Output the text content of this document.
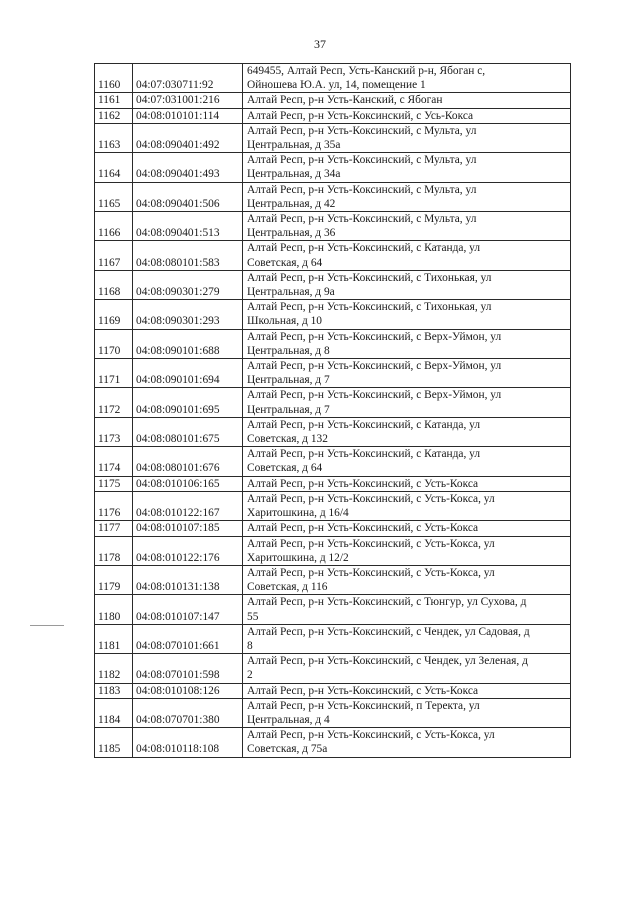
37
1160	04:07:030711:92	649455, Алтай Респ, Усть-Канский р-н, Ябоган с,
Ойношева Ю.А. ул, 14, помещение 1

1161	04:07:031001:216	Алтай Респ, р-н Усть-Канский, с Ябоган

1162	04:08:010101:114	Алтай Респ, р-н Усть-Коксинский, с Усь-Кокса

1163	04:08:090401:492	Алтай Респ, р-н Усть-Коксинский, с Мульта, ул
Центральная, д 35а

1164	04:08:090401:493	Алтай Респ, р-н Усть-Коксинский, с Мульта, ул
Центральная, д 34а

1165	04:08:090401:506	Алтай Респ, р-н Усть-Коксинский, с Мульта, ул
Центральная, д 42

1166	04:08:090401:513	Алтай Респ, р-н Усть-Коксинский, с Мульта, ул
Центральная, д 36

1167	04:08:080101:583	Алтай Респ, р-н Усть-Коксинский, с Катанда, ул
Советская, д 64

1168	04:08:090301:279	Алтай Респ, р-н Усть-Коксинский, с Тихонькая, ул
Центральная, д 9а

1169	04:08:090301:293	Алтай Респ, р-н Усть-Коксинский, с Тихонькая, ул
Школьная, д 10

1170	04:08:090101:688	Алтай Респ, р-н Усть-Коксинский, с Верх-Уймон, ул
Центральная, д 8

1171	04:08:090101:694	Алтай Респ, р-н Усть-Коксинский, с Верх-Уймон, ул
Центральная, д 7

1172	04:08:090101:695	Алтай Респ, р-н Усть-Коксинский, с Верх-Уймон, ул
Центральная, д 7

1173	04:08:080101:675	Алтай Респ, р-н Усть-Коксинский, с Катанда, ул
Советская, д 132

1174	04:08:080101:676	Алтай Респ, р-н Усть-Коксинский, с Катанда, ул
Советская, д 64

1175	04:08:010106:165	Алтай Респ, р-н Усть-Коксинский, с Усть-Кокса

1176	04:08:010122:167	Алтай Респ, р-н Усть-Коксинский, с Усть-Кокса, ул
Харитошкина, д 16/4

1177	04:08:010107:185	Алтай Респ, р-н Усть-Коксинский, с Усть-Кокса

1178	04:08:010122:176	Алтай Респ, р-н Усть-Коксинский, с Усть-Кокса, ул
Харитошкина, д 12/2

1179	04:08:010131:138	Алтай Респ, р-н Усть-Коксинский, с Усть-Кокса, ул
Советская, д 116

1180	04:08:010107:147	Алтай Респ, р-н Усть-Коксинский, с Тюнгур, ул Сухова, д
55

1181	04:08:070101:661	Алтай Респ, р-н Усть-Коксинский, с Чендек, ул Садовая, д
8

1182	04:08:070101:598	Алтай Респ, р-н Усть-Коксинский, с Чендек, ул Зеленая, д
2

1183	04:08:010108:126	Алтай Респ, р-н Усть-Коксинский, с Усть-Кокса

1184	04:08:070701:380	Алтай Респ, р-н Усть-Коксинский, п Теректа, ул
Центральная, д 4

1185	04:08:010118:108	Алтай Респ, р-н Усть-Коксинский, с Усть-Кокса, ул
Советская, д 75а
